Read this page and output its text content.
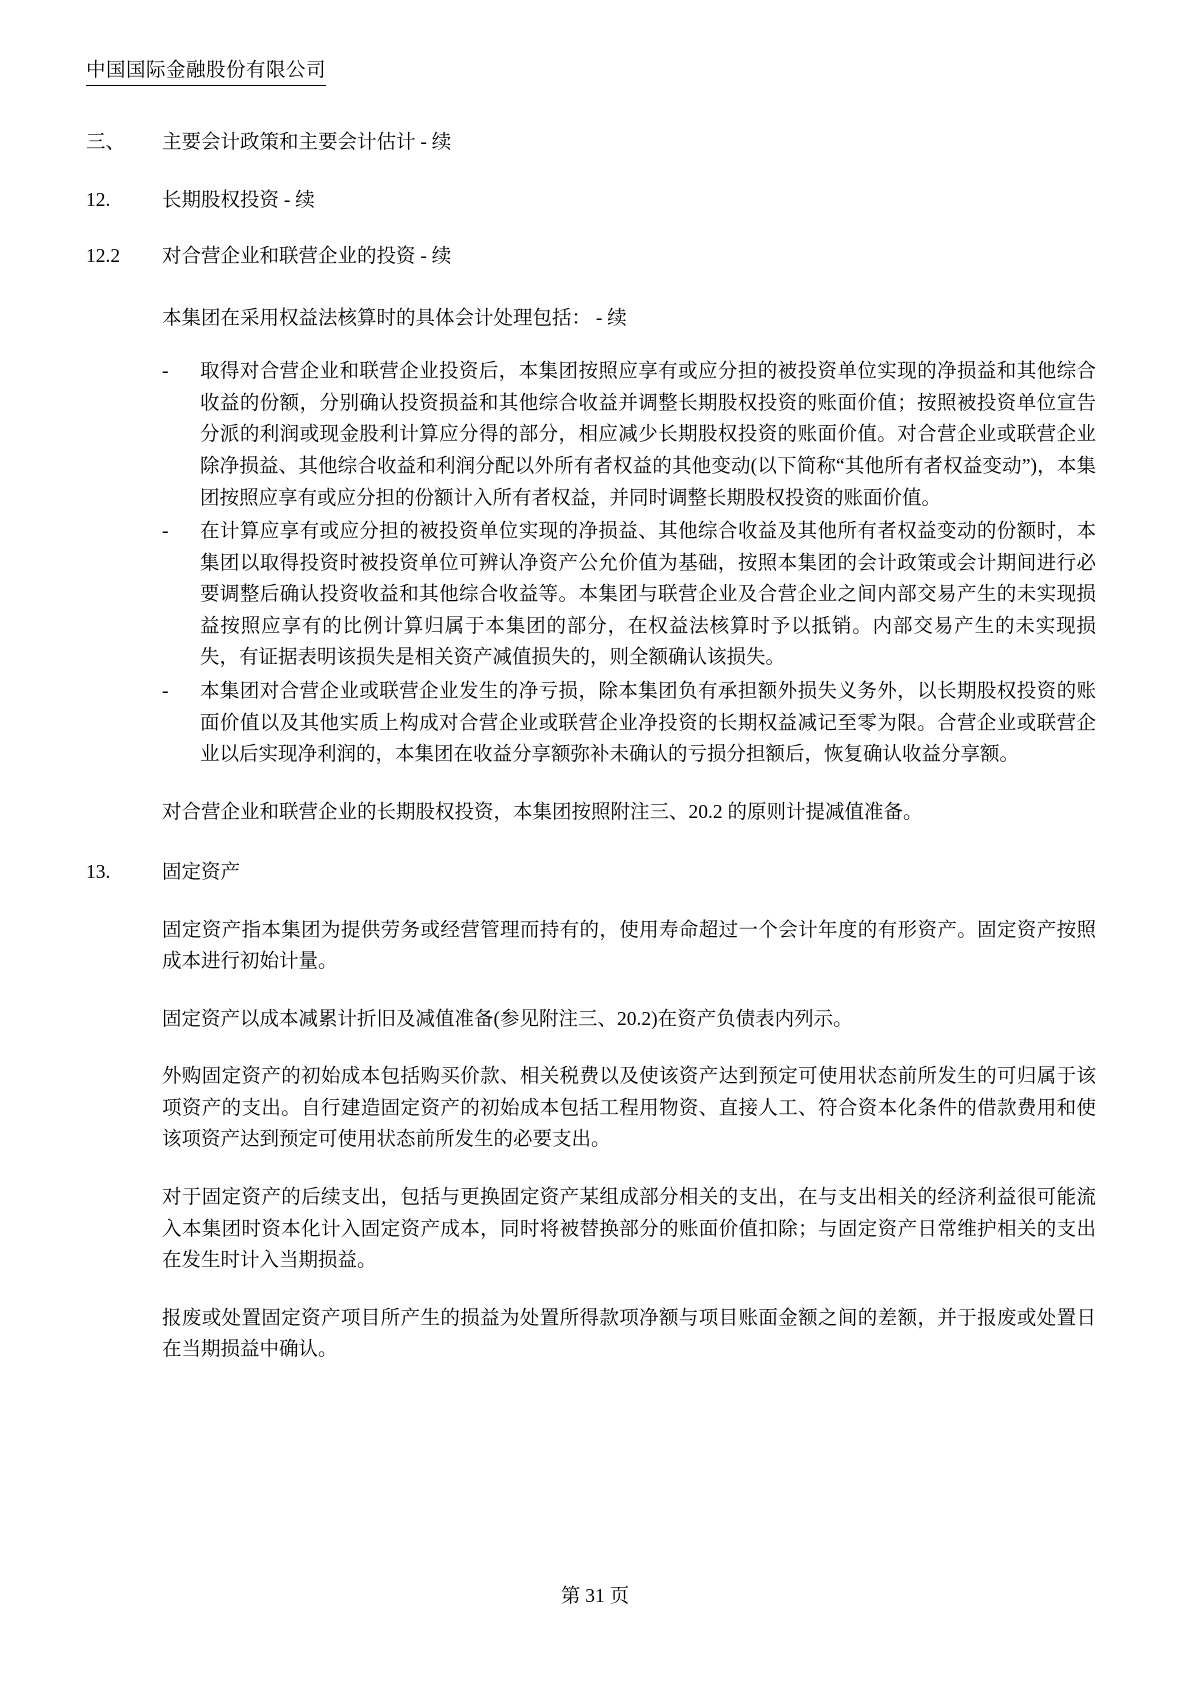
中国国际金融股份有限公司
三、	主要会计政策和主要会计估计 - 续
12.	长期股权投资 - 续
12.2	对合营企业和联营企业的投资 - 续
本集团在采用权益法核算时的具体会计处理包括： - 续
-	取得对合营企业和联营企业投资后，本集团按照应享有或应分担的被投资单位实现的净损益和其他综合收益的份额，分别确认投资损益和其他综合收益并调整长期股权投资的账面价值；按照被投资单位宣告分派的利润或现金股利计算应分得的部分，相应减少长期股权投资的账面价值。对合营企业或联营企业除净损益、其他综合收益和利润分配以外所有者权益的其他变动(以下简称“其他所有者权益变动”)，本集团按照应享有或应分担的份额计入所有者权益，并同时调整长期股权投资的账面价值。
-	在计算应享有或应分担的被投资单位实现的净损益、其他综合收益及其他所有者权益变动的份额时，本集团以取得投资时被投资单位可辨认净资产公允价值为基础，按照本集团的会计政策或会计期间进行必要调整后确认投资收益和其他综合收益等。本集团与联营企业及合营企业之间内部交易产生的未实现损益按照应享有的比例计算归属于本集团的部分，在权益法核算时予以抵销。内部交易产生的未实现损失，有证据表明该损失是相关资产减值损失的，则全额确认该损失。
-	本集团对合营企业或联营企业发生的净亏损，除本集团负有承担额外损失义务外，以长期股权投资的账面价值以及其他实质上构成对合营企业或联营企业净投资的长期权益减记至零为限。合营企业或联营企业以后实现净利润的，本集团在收益分享额弥补未确认的亏损分担额后，恢复确认收益分享额。
对合营企业和联营企业的长期股权投资，本集团按照附注三、20.2 的原则计提减值准备。
13.	固定资产
固定资产指本集团为提供劳务或经营管理而持有的，使用寿命超过一个会计年度的有形资产。固定资产按照成本进行初始计量。
固定资产以成本减累计折旧及减值准备(参见附注三、20.2)在资产负债表内列示。
外购固定资产的初始成本包括购买价款、相关税费以及使该资产达到预定可使用状态前所发生的可归属于该项资产的支出。自行建造固定资产的初始成本包括工程用物资、直接人工、符合资本化条件的借款费用和使该项资产达到预定可使用状态前所发生的必要支出。
对于固定资产的后续支出，包括与更换固定资产某组成部分相关的支出，在与支出相关的经济利益很可能流入本集团时资本化计入固定资产成本，同时将被替换部分的账面价值扣除；与固定资产日常维护相关的支出在发生时计入当期损益。
报废或处置固定资产项目所产生的损益为处置所得款项净额与项目账面金额之间的差额，并于报废或处置日在当期损益中确认。
第 31 页
